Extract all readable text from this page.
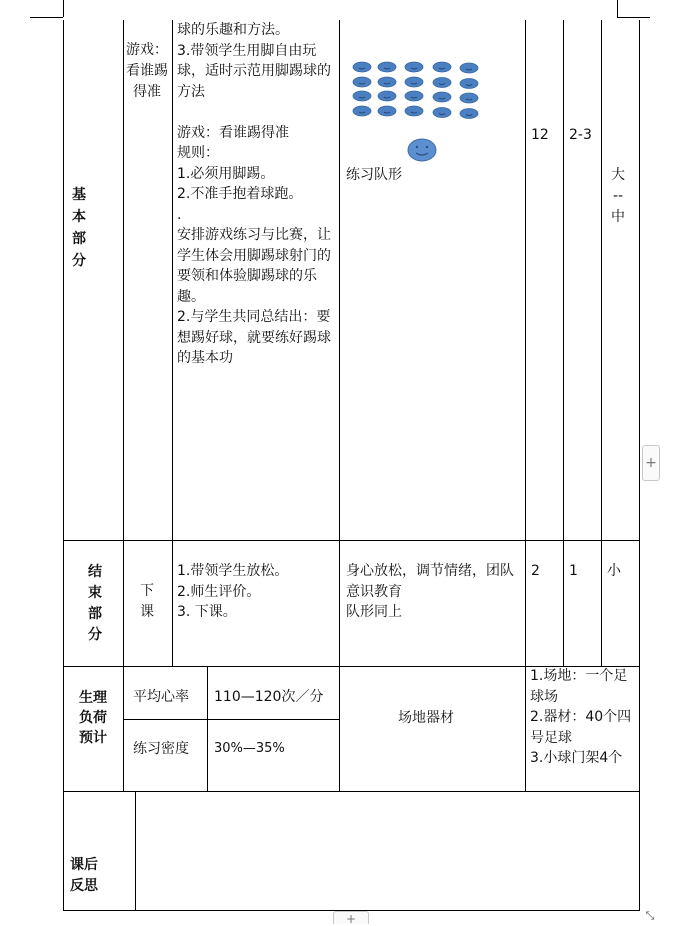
基
本
部
分
游戏：看谁踢得准
球的乐趣和方法。
3.带领学生用脚自由玩球，适时示范用脚踢球的方法

游戏：看谁踢得准
规则：
1.必须用脚踢。
2.不准手抱着球跑。
.
安排游戏练习与比赛，让学生体会用脚踢球射门的要领和体验脚踢球的乐趣。
2.与学生共同总结出：要想踢好球，就要练好踢球的基本功
练习队形
12 2-3
大
--
中
结
束
部
分
下课
1.带领学生放松。
2.师生评价。
3. 下课。
身心放松，调节情绪，团队意识教育
队形同上
2 1 小
生理
负荷
预计
平均心率 110—120次／分
练习密度 30%—35%
场地器材
1.场地：一个足球场
2.器材：40个四号足球
3.小球门架4个
课后
反思
+
+	⤡
